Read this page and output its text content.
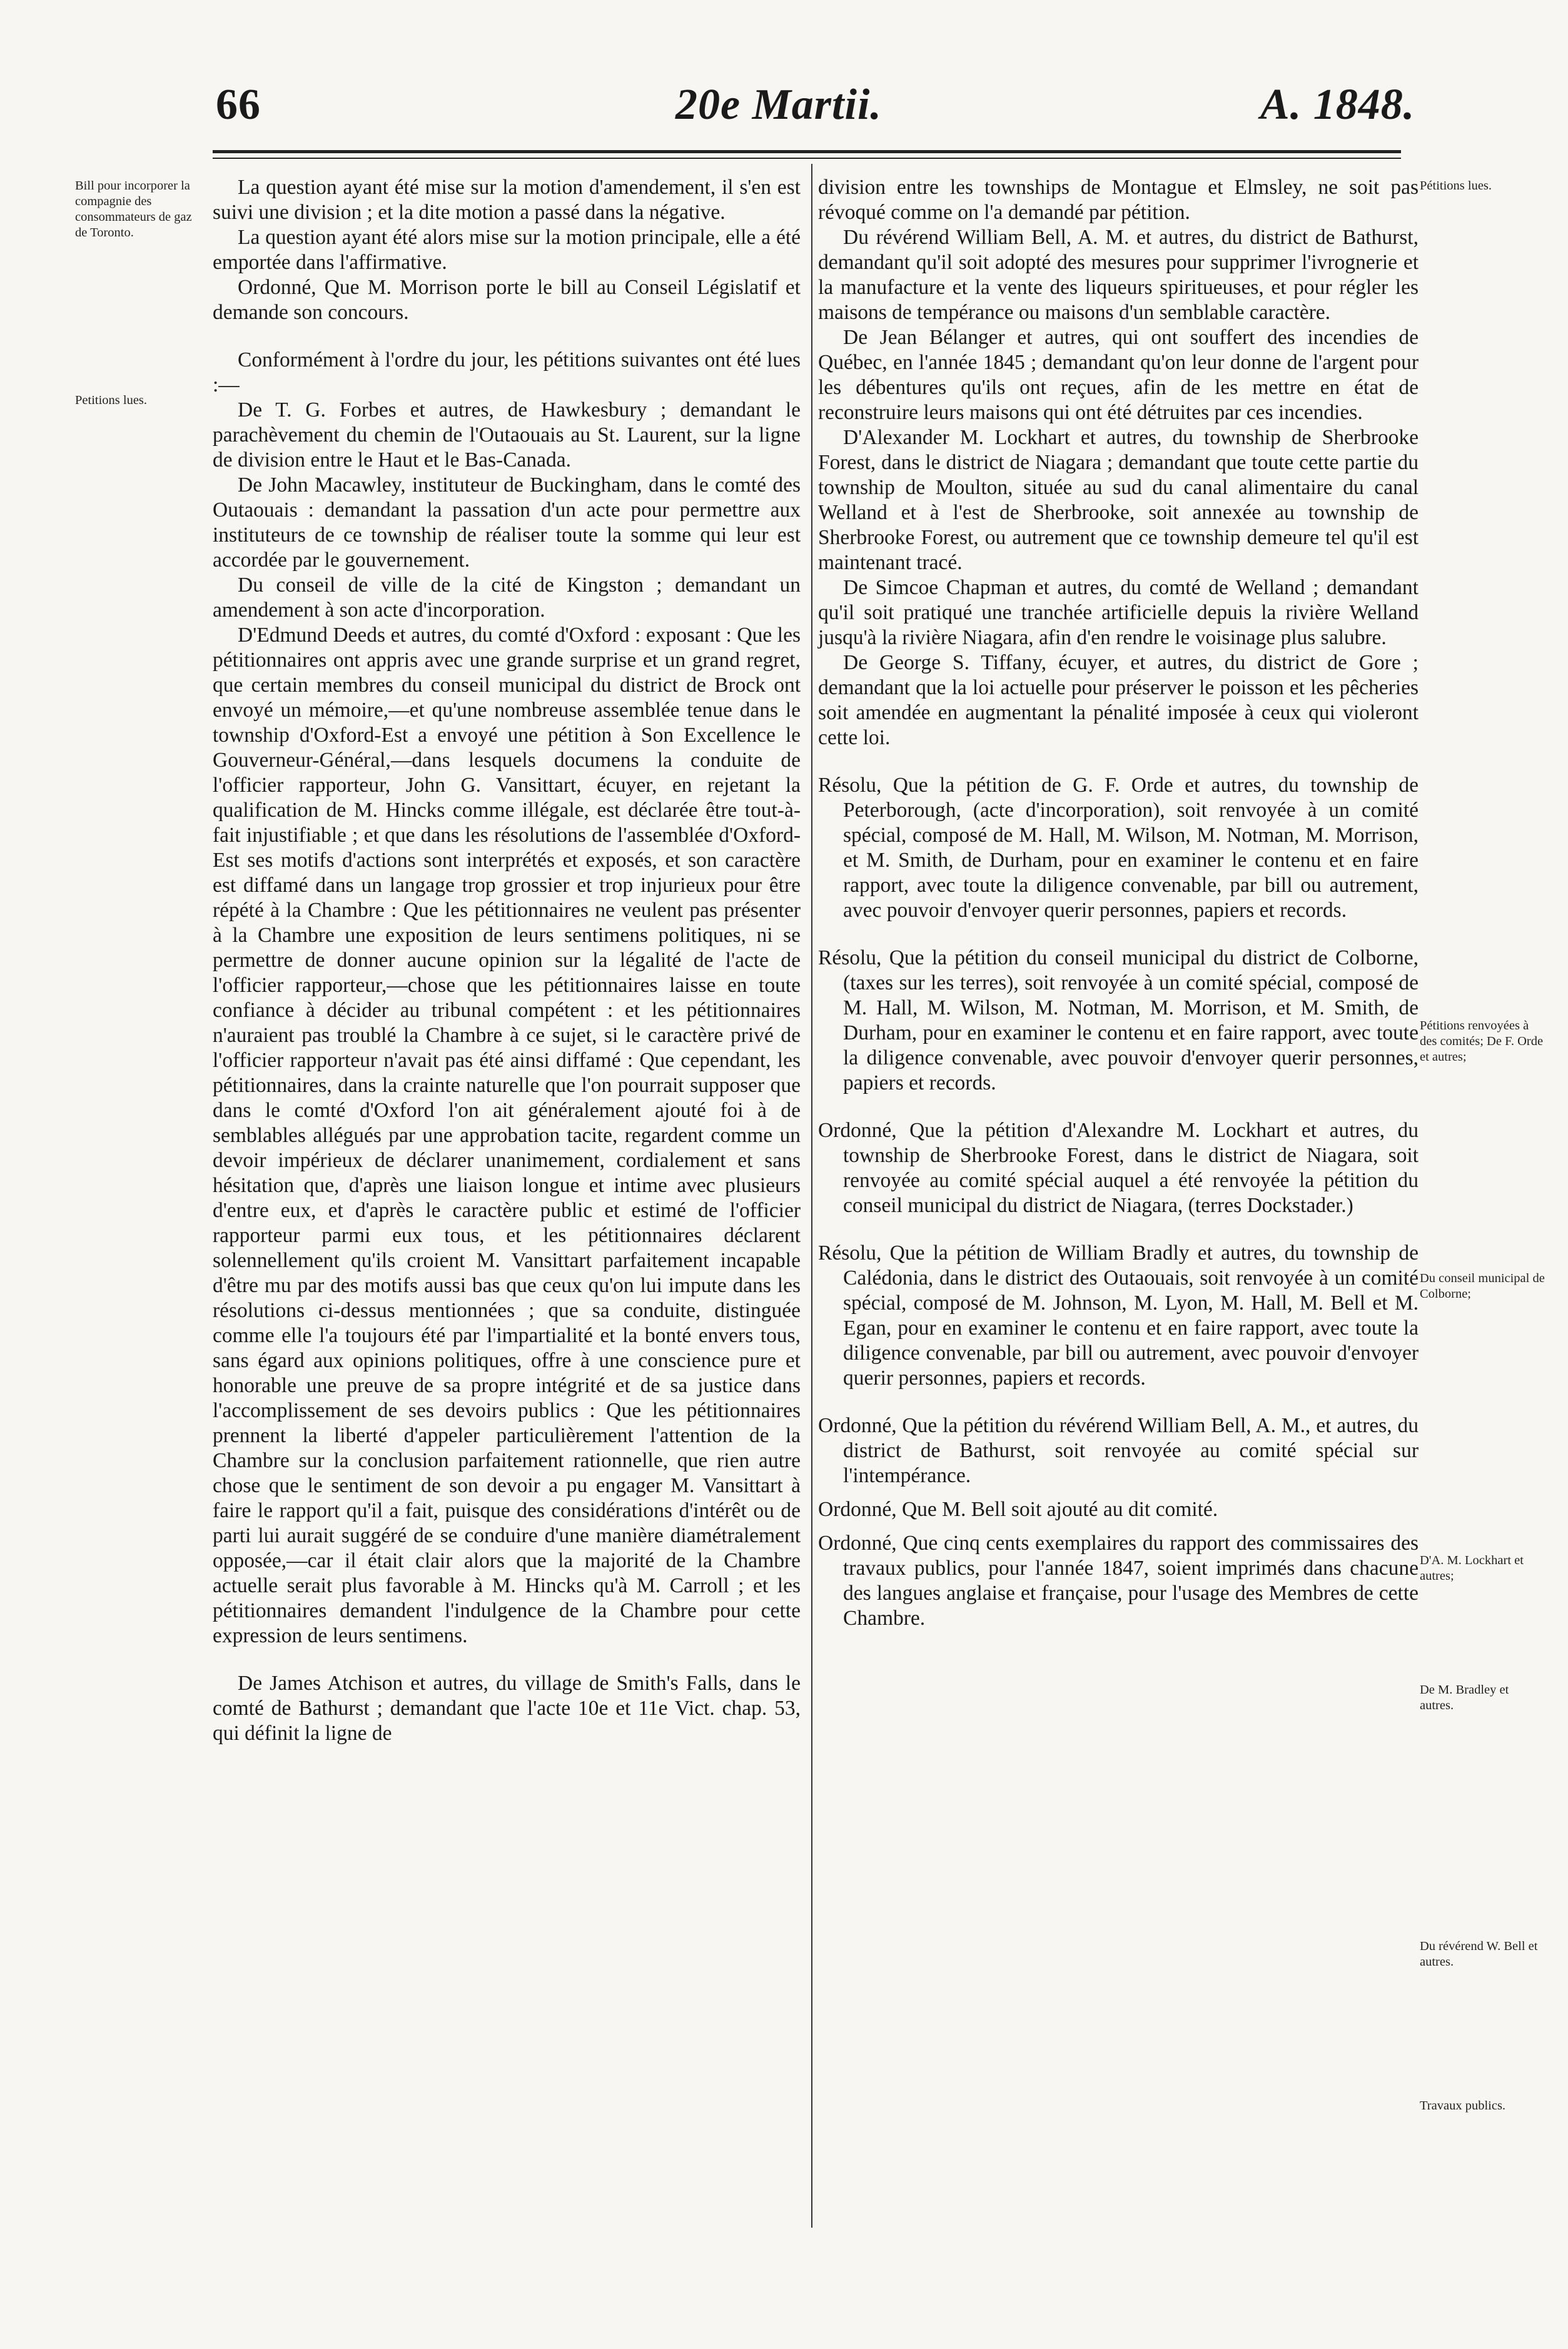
66	20e Martii.	A. 1848.
Bill pour incorporer la compagnie des consommateurs de gaz de Toronto.
Petitions lues.
Pétitions lues.
Pétitions renvoyées à des comités; De F. Orde et autres;
Du conseil municipal de Colborne;
D'A. M. Lockhart et autres;
De M. Bradley et autres.
Du révérend W. Bell et autres.
Travaux publics.

La question ayant été mise sur la motion d'amendement, il s'en est suivi une division ; et la dite motion a passé dans la négative.

La question ayant été alors mise sur la motion principale, elle a été emportée dans l'affirmative.

Ordonné, Que M. Morrison porte le bill au Conseil Législatif et demande son concours.

Conformément à l'ordre du jour, les pétitions suivantes ont été lues :—

De T. G. Forbes et autres, de Hawkesbury ; demandant le parachèvement du chemin de l'Outaouais au St. Laurent, sur la ligne de division entre le Haut et le Bas-Canada.

De John Macawley, instituteur de Buckingham, dans le comté des Outaouais : demandant la passation d'un acte pour permettre aux instituteurs de ce township de réaliser toute la somme qui leur est accordée par le gouvernement.

Du conseil de ville de la cité de Kingston ; demandant un amendement à son acte d'incorporation.

D'Edmund Deeds et autres, du comté d'Oxford : exposant : Que les pétitionnaires ont appris avec une grande surprise et un grand regret, que certain membres du conseil municipal du district de Brock ont envoyé un mémoire,—et qu'une nombreuse assemblée tenue dans le township d'Oxford-Est a envoyé une pétition à Son Excellence le Gouverneur-Général,—dans lesquels documens la conduite de l'officier rapporteur, John G. Vansittart, écuyer, en rejetant la qualification de M. Hincks comme illégale, est déclarée être tout-à-fait injustifiable ; et que dans les résolutions de l'assemblée d'Oxford-Est ses motifs d'actions sont interprétés et exposés, et son caractère est diffamé dans un langage trop grossier et trop injurieux pour être répété à la Chambre : Que les pétitionnaires ne veulent pas présenter à la Chambre une exposition de leurs sentimens politiques, ni se permettre de donner aucune opinion sur la légalité de l'acte de l'officier rapporteur,—chose que les pétitionnaires laisse en toute confiance à décider au tribunal compétent : et les pétitionnaires n'auraient pas troublé la Chambre à ce sujet, si le caractère privé de l'officier rapporteur n'avait pas été ainsi diffamé : Que cependant, les pétitionnaires, dans la crainte naturelle que l'on pourrait supposer que dans le comté d'Oxford l'on ait généralement ajouté foi à de semblables allégués par une approbation tacite, regardent comme un devoir impérieux de déclarer unanimement, cordialement et sans hésitation que, d'après une liaison longue et intime avec plusieurs d'entre eux, et d'après le caractère public et estimé de l'officier rapporteur parmi eux tous, et les pétitionnaires déclarent solennellement qu'ils croient M. Vansittart parfaitement incapable d'être mu par des motifs aussi bas que ceux qu'on lui impute dans les résolutions ci-dessus mentionnées ; que sa conduite, distinguée comme elle l'a toujours été par l'impartialité et la bonté envers tous, sans égard aux opinions politiques, offre à une conscience pure et honorable une preuve de sa propre intégrité et de sa justice dans l'accomplissement de ses devoirs publics : Que les pétitionnaires prennent la liberté d'appeler particulièrement l'attention de la Chambre sur la conclusion parfaitement rationnelle, que rien autre chose que le sentiment de son devoir a pu engager M. Vansittart à faire le rapport qu'il a fait, puisque des considérations d'intérêt ou de parti lui aurait suggéré de se conduire d'une manière diamétralement opposée,—car il était clair alors que la majorité de la Chambre actuelle serait plus favorable à M. Hincks qu'à M. Carroll ; et les pétitionnaires demandent l'indulgence de la Chambre pour cette expression de leurs sentimens.

De James Atchison et autres, du village de Smith's Falls, dans le comté de Bathurst ; demandant que l'acte 10e et 11e Vict. chap. 53, qui définit la ligne de

division entre les townships de Montague et Elmsley, ne soit pas révoqué comme on l'a demandé par pétition.

Du révérend William Bell, A. M. et autres, du district de Bathurst, demandant qu'il soit adopté des mesures pour supprimer l'ivrognerie et la manufacture et la vente des liqueurs spiritueuses, et pour régler les maisons de tempérance ou maisons d'un semblable caractère.

De Jean Bélanger et autres, qui ont souffert des incendies de Québec, en l'année 1845 ; demandant qu'on leur donne de l'argent pour les débentures qu'ils ont reçues, afin de les mettre en état de reconstruire leurs maisons qui ont été détruites par ces incendies.

D'Alexander M. Lockhart et autres, du township de Sherbrooke Forest, dans le district de Niagara ; demandant que toute cette partie du township de Moulton, située au sud du canal alimentaire du canal Welland et à l'est de Sherbrooke, soit annexée au township de Sherbrooke Forest, ou autrement que ce township demeure tel qu'il est maintenant tracé.

De Simcoe Chapman et autres, du comté de Welland ; demandant qu'il soit pratiqué une tranchée artificielle depuis la rivière Welland jusqu'à la rivière Niagara, afin d'en rendre le voisinage plus salubre.

De George S. Tiffany, écuyer, et autres, du district de Gore ; demandant que la loi actuelle pour préserver le poisson et les pêcheries soit amendée en augmentant la pénalité imposée à ceux qui violeront cette loi.

Résolu, Que la pétition de G. F. Orde et autres, du township de Peterborough, (acte d'incorporation), soit renvoyée à un comité spécial, composé de M. Hall, M. Wilson, M. Notman, M. Morrison, et M. Smith, de Durham, pour en examiner le contenu et en faire rapport, avec toute la diligence convenable, par bill ou autrement, avec pouvoir d'envoyer querir personnes, papiers et records.

Résolu, Que la pétition du conseil municipal du district de Colborne, (taxes sur les terres), soit renvoyée à un comité spécial, composé de M. Hall, M. Wilson, M. Notman, M. Morrison, et M. Smith, de Durham, pour en examiner le contenu et en faire rapport, avec toute la diligence convenable, avec pouvoir d'envoyer querir personnes, papiers et records.

Ordonné, Que la pétition d'Alexandre M. Lockhart et autres, du township de Sherbrooke Forest, dans le district de Niagara, soit renvoyée au comité spécial auquel a été renvoyée la pétition du conseil municipal du district de Niagara, (terres Dockstader.)

Résolu, Que la pétition de William Bradly et autres, du township de Calédonia, dans le district des Outaouais, soit renvoyée à un comité spécial, composé de M. Johnson, M. Lyon, M. Hall, M. Bell et M. Egan, pour en examiner le contenu et en faire rapport, avec toute la diligence convenable, par bill ou autrement, avec pouvoir d'envoyer querir personnes, papiers et records.

Ordonné, Que la pétition du révérend William Bell, A. M., et autres, du district de Bathurst, soit renvoyée au comité spécial sur l'intempérance.

Ordonné, Que M. Bell soit ajouté au dit comité.

Ordonné, Que cinq cents exemplaires du rapport des commissaires des travaux publics, pour l'année 1847, soient imprimés dans chacune des langues anglaise et française, pour l'usage des Membres de cette Chambre.
